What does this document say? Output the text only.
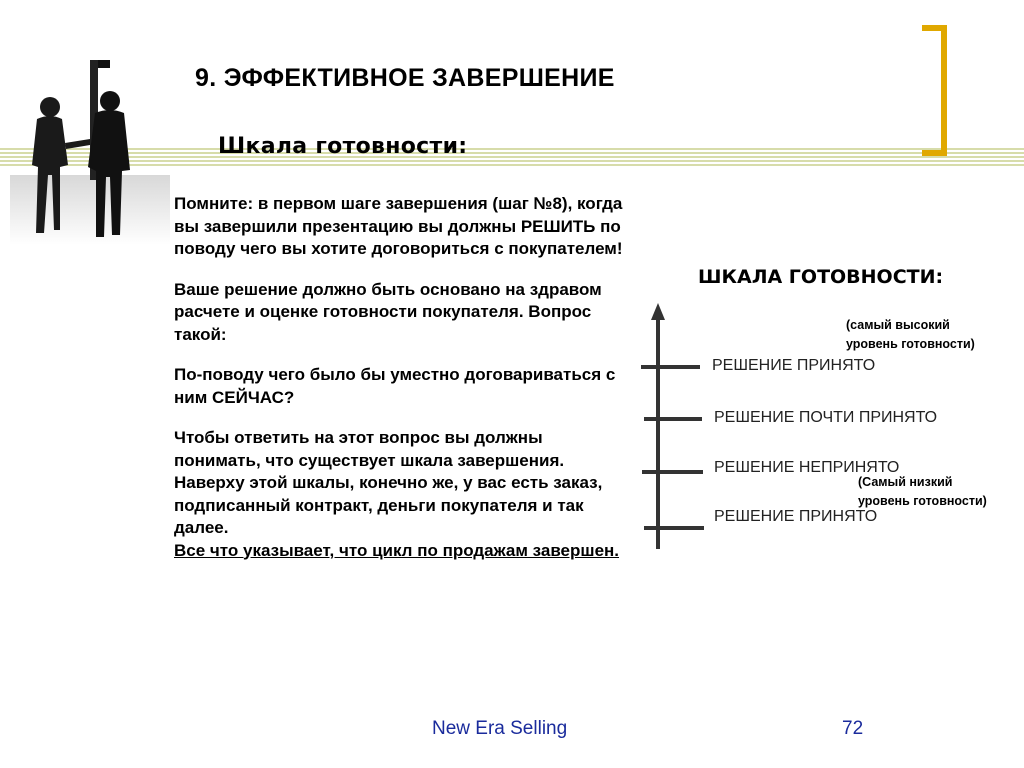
9. ЭФФЕКТИВНОЕ ЗАВЕРШЕНИЕ
Шкала готовности:

Помните: в первом шаге завершения (шаг №8), когда вы завершили презентацию вы должны РЕШИТЬ по поводу чего вы хотите договориться с покупателем!

Ваше решение должно быть основано на здравом расчете и оценке готовности покупателя. Вопрос такой:

По-поводу чего было бы уместно договариваться с ним СЕЙЧАС?

Чтобы ответить на этот вопрос вы должны понимать, что существует шкала завершения. Наверху этой шкалы, конечно же, у вас есть заказ, подписанный контракт, деньги покупателя и так далее.
Все что указывает, что цикл по продажам завершен.

ШКАЛА ГОТОВНОСТИ:
РЕШЕНИЕ ПРИНЯТО
РЕШЕНИЕ ПОЧТИ ПРИНЯТО
РЕШЕНИЕ НЕПРИНЯТО
РЕШЕНИЕ ПРИНЯТО
(самый высокий
уровень готовности)
(Самый низкий
уровень готовности)
New Era Selling	72
